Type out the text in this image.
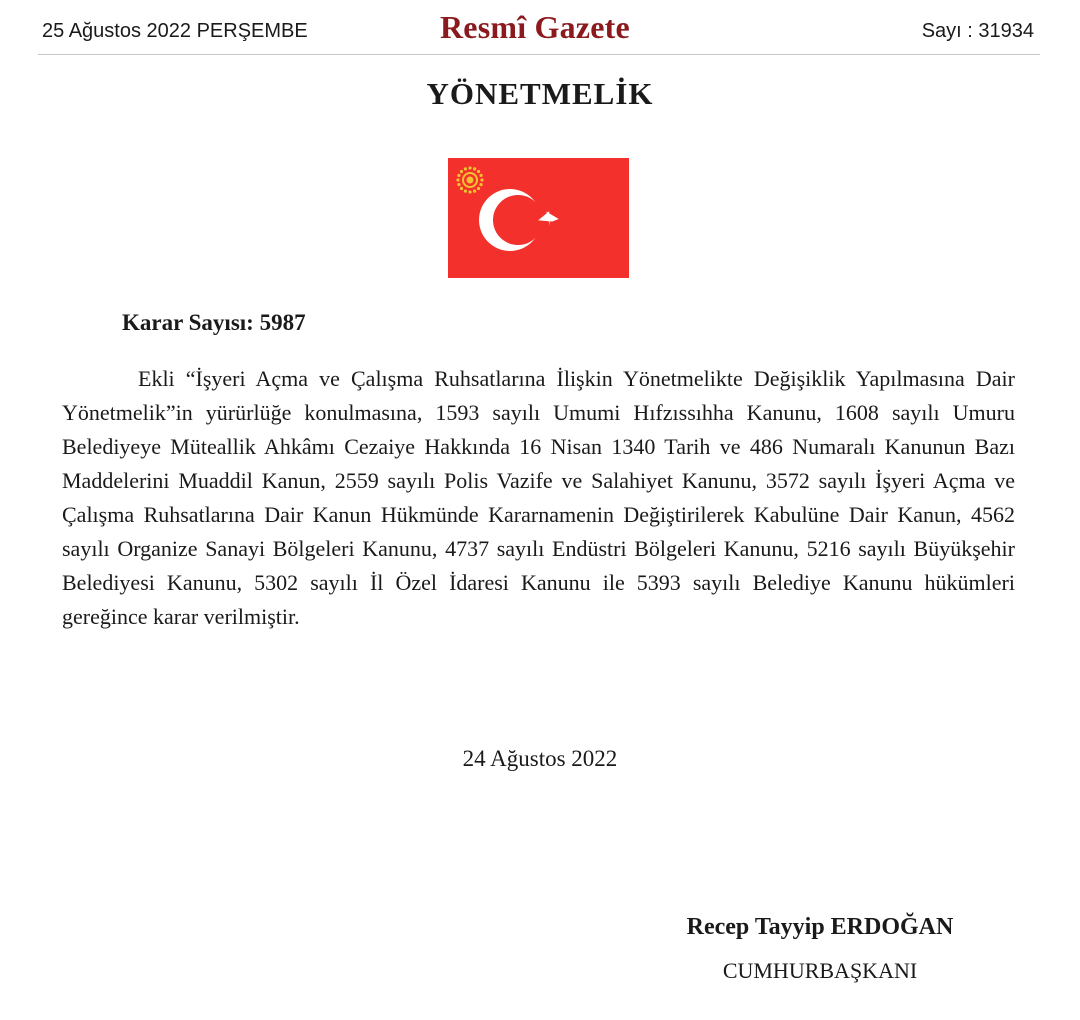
25 Ağustos 2022 PERŞEMBE	Resmî Gazete	Sayı : 31934
YÖNETMELİK
Karar Sayısı: 5987

Ekli “İşyeri Açma ve Çalışma Ruhsatlarına İlişkin Yönetmelikte Değişiklik Yapılmasına Dair Yönetmelik”in yürürlüğe konulmasına, 1593 sayılı Umumi Hıfzıssıhha Kanunu, 1608 sayılı Umuru Belediyeye Müteallik Ahkâmı Cezaiye Hakkında 16 Nisan 1340 Tarih ve 486 Numaralı Kanunun Bazı Maddelerini Muaddil Kanun, 2559 sayılı Polis Vazife ve Salahiyet Kanunu, 3572 sayılı İşyeri Açma ve Çalışma Ruhsatlarına Dair Kanun Hükmünde Kararnamenin Değiştirilerek Kabulüne Dair Kanun, 4562 sayılı Organize Sanayi Bölgeleri Kanunu, 4737 sayılı Endüstri Bölgeleri Kanunu, 5216 sayılı Büyükşehir Belediyesi Kanunu, 5302 sayılı İl Özel İdaresi Kanunu ile 5393 sayılı Belediye Kanunu hükümleri gereğince karar verilmiştir.

24 Ağustos 2022
Recep Tayyip ERDOĞAN
CUMHURBAŞKANI
